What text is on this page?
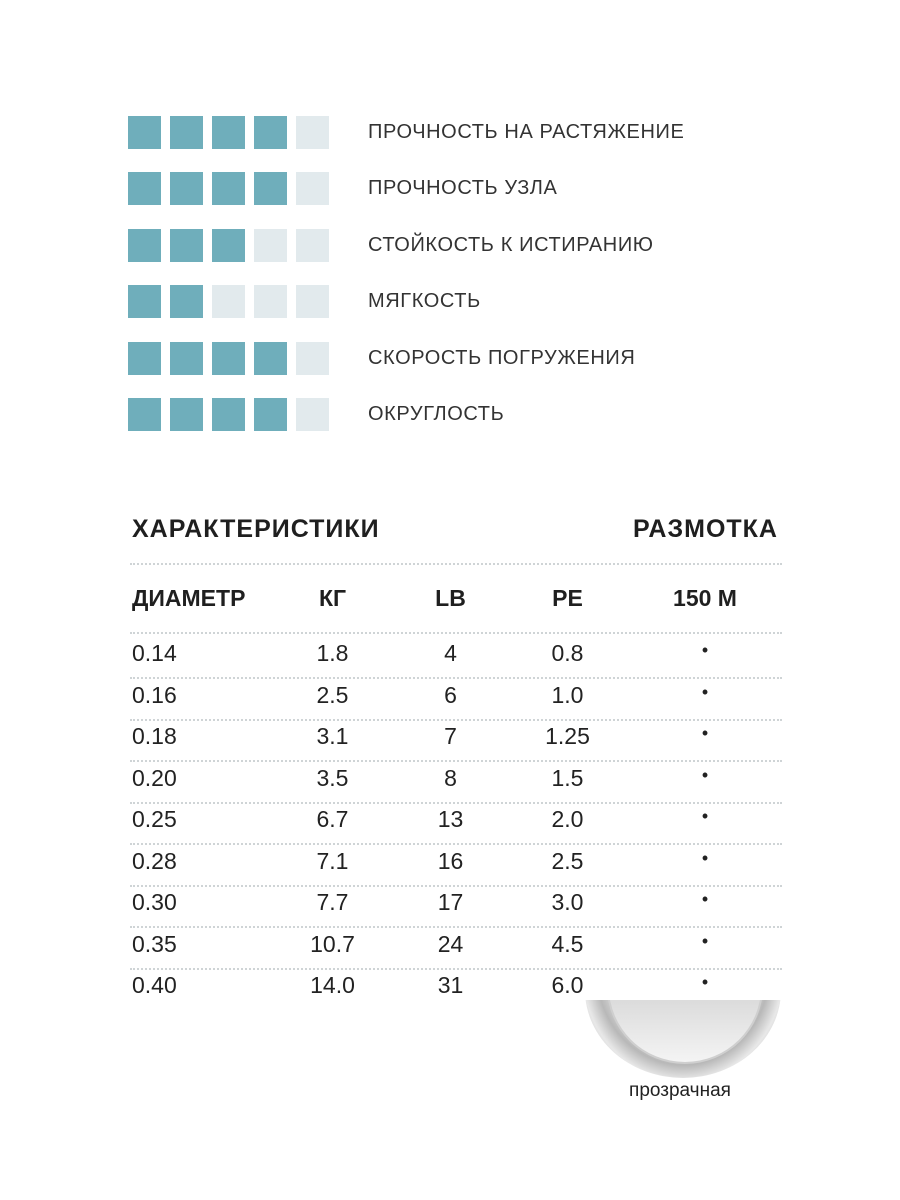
ПРОЧНОСТЬ НА РАСТЯЖЕНИЕ
ПРОЧНОСТЬ УЗЛА
СТОЙКОСТЬ К ИСТИРАНИЮ
МЯГКОСТЬ
СКОРОСТЬ ПОГРУЖЕНИЯ
ОКРУГЛОСТЬ
ХАРАКТЕРИСТИКИ	РАЗМОТКА
ДИАМЕТР	КГ	LB	PE	150 М
0.14	1.8	4	0.8	•
0.16	2.5	6	1.0	•
0.18	3.1	7	1.25	•
0.20	3.5	8	1.5	•
0.25	6.7	13	2.0	•
0.28	7.1	16	2.5	•
0.30	7.7	17	3.0	•
0.35	10.7	24	4.5	•
0.40	14.0	31	6.0	•
прозрачная
